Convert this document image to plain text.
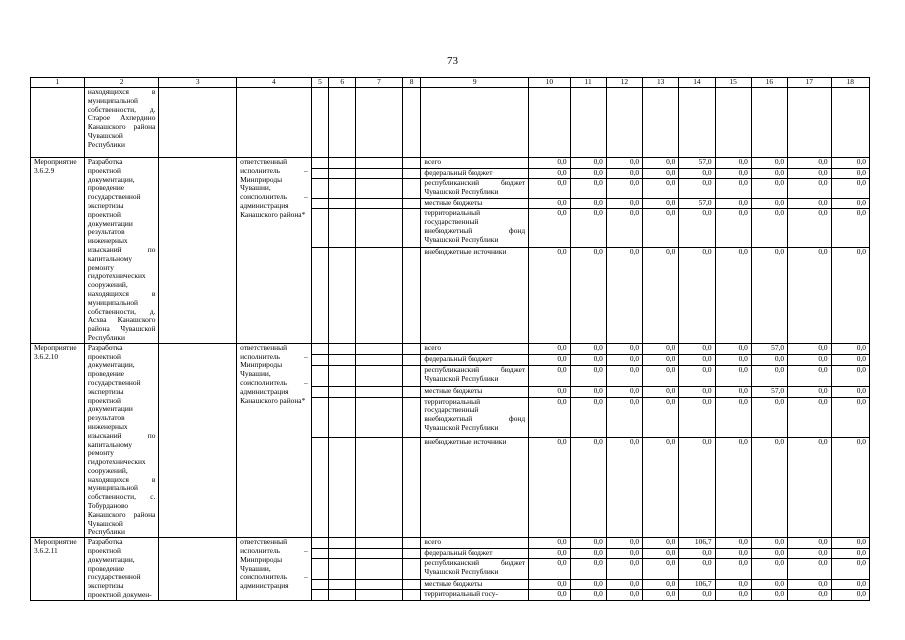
73
1	2	3	4	5	6	7	8	9	10	11	12	13	14	15	16	17	18
	находящихся в муниципальной собственности, д. Старое Ахпердино Канашского района Чувашской Республики																
Мероприятие 3.6.2.9	Разработка проектной документации, проведение государственной экспертизы проектной документации результатов инженерных изысканий по капитальному ремонту гидротехнических сооружений, находящихся в муниципальной собственности, д. Асхва Канашского района Чувашской Республики		ответственный исполнитель – Минприроды Чувашии, соисполнитель – администрация Канашского района*					всего	0,0	0,0	0,0	0,0	57,0	0,0	0,0	0,0	0,0
								федеральный бюджет	0,0	0,0	0,0	0,0	0,0	0,0	0,0	0,0	0,0
								республиканский бюджет Чувашской Республики	0,0	0,0	0,0	0,0	0,0	0,0	0,0	0,0	0,0
								местные бюджеты	0,0	0,0	0,0	0,0	57,0	0,0	0,0	0,0	0,0
								территориальный государственный внебюджетный фонд Чувашской Республики	0,0	0,0	0,0	0,0	0,0	0,0	0,0	0,0	0,0
								внебюджетные источники	0,0	0,0	0,0	0,0	0,0	0,0	0,0	0,0	0,0
Мероприятие 3.6.2.10	Разработка проектной документации, проведение государственной экспертизы проектной документации результатов инженерных изысканий по капитальному ремонту гидротехнических сооружений, находящихся в муниципальной собственности, с. Тобурданово Канашского района Чувашской Республики		ответственный исполнитель – Минприроды Чувашии, соисполнитель – администрация Канашского района*					всего	0,0	0,0	0,0	0,0	0,0	0,0	57,0	0,0	0,0
								федеральный бюджет	0,0	0,0	0,0	0,0	0,0	0,0	0,0	0,0	0,0
								республиканский бюджет Чувашской Республики	0,0	0,0	0,0	0,0	0,0	0,0	0,0	0,0	0,0
								местные бюджеты	0,0	0,0	0,0	0,0	0,0	0,0	57,0	0,0	0,0
								территориальный государственный внебюджетный фонд Чувашской Республики	0,0	0,0	0,0	0,0	0,0	0,0	0,0	0,0	0,0
								внебюджетные источники	0,0	0,0	0,0	0,0	0,0	0,0	0,0	0,0	0,0
Мероприятие 3.6.2.11	Разработка проектной документации, проведение государственной экспертизы проектной докумен-		ответственный исполнитель – Минприроды Чувашии, соисполнитель – администрация					всего	0,0	0,0	0,0	0,0	106,7	0,0	0,0	0,0	0,0
								федеральный бюджет	0,0	0,0	0,0	0,0	0,0	0,0	0,0	0,0	0,0
								республиканский бюджет Чувашской Республики	0,0	0,0	0,0	0,0	0,0	0,0	0,0	0,0	0,0
								местные бюджеты	0,0	0,0	0,0	0,0	106,7	0,0	0,0	0,0	0,0
								территориальный госу-	0,0	0,0	0,0	0,0	0,0	0,0	0,0	0,0	0,0
